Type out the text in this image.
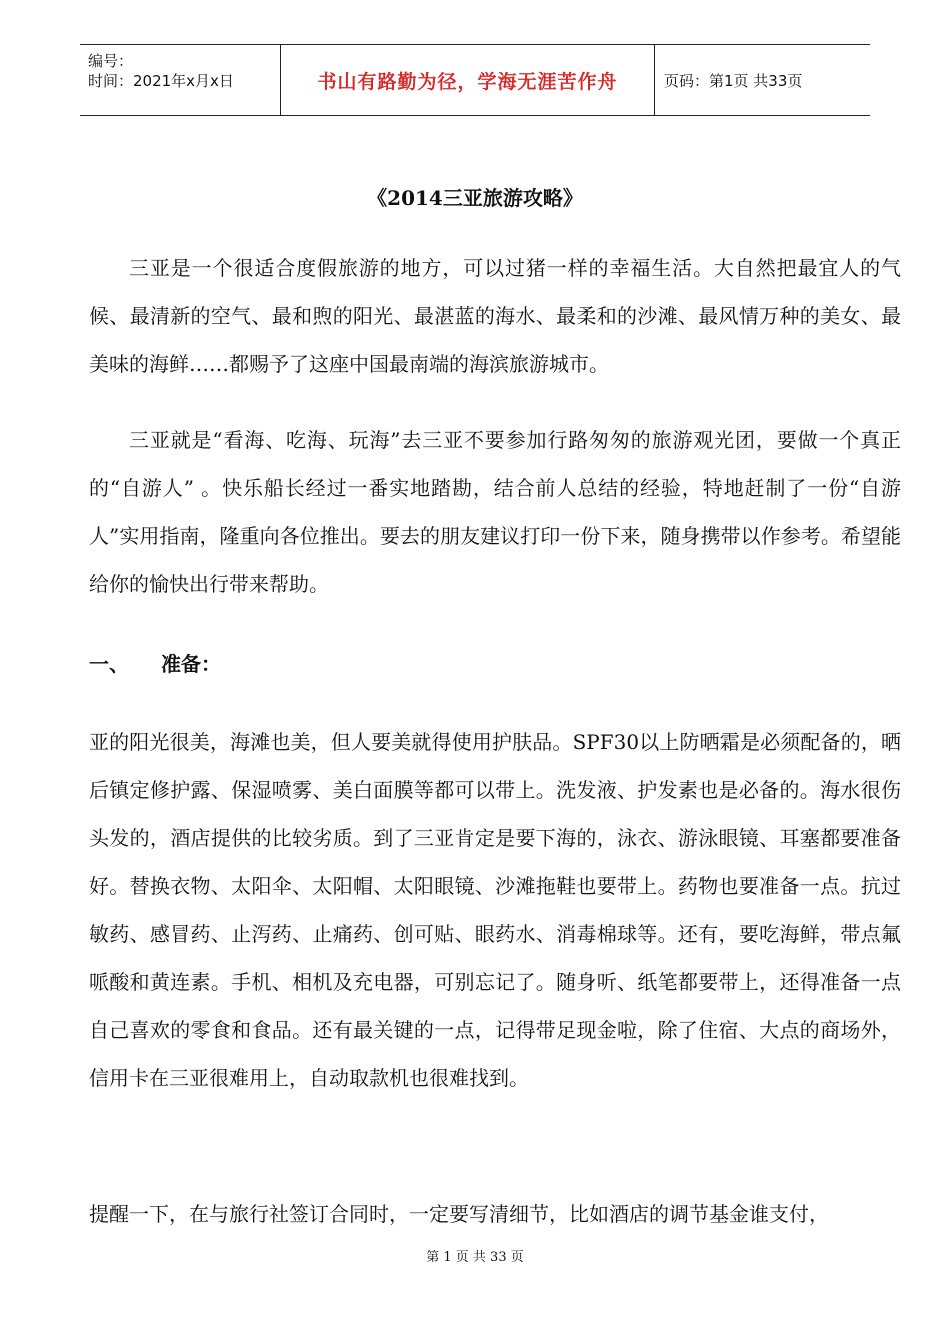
编号：
时间：2021年x月x日	书山有路勤为径，学海无涯苦作舟	页码：第1页 共33页
《2014三亚旅游攻略》

三亚是一个很适合度假旅游的地方，可以过猪一样的幸福生活。大自然把最宜人的气候、最清新的空气、最和煦的阳光、最湛蓝的海水、最柔和的沙滩、最风情万种的美女、最美味的海鲜……都赐予了这座中国最南端的海滨旅游城市。

三亚就是“看海、吃海、玩海”去三亚不要参加行路匆匆的旅游观光团，要做一个真正的“自游人” 。快乐船长经过一番实地踏勘，结合前人总结的经验，特地赶制了一份“自游人”实用指南，隆重向各位推出。要去的朋友建议打印一份下来，随身携带以作参考。希望能给你的愉快出行带来帮助。

一、 准备：

亚的阳光很美，海滩也美，但人要美就得使用护肤品。SPF30以上防晒霜是必须配备的，晒后镇定修护露、保湿喷雾、美白面膜等都可以带上。洗发液、护发素也是必备的。海水很伤头发的，酒店提供的比较劣质。到了三亚肯定是要下海的，泳衣、游泳眼镜、耳塞都要准备好。替换衣物、太阳伞、太阳帽、太阳眼镜、沙滩拖鞋也要带上。药物也要准备一点。抗过敏药、感冒药、止泻药、止痛药、创可贴、眼药水、消毒棉球等。还有，要吃海鲜，带点氟哌酸和黄连素。手机、相机及充电器，可别忘记了。随身听、纸笔都要带上，还得准备一点自己喜欢的零食和食品。还有最关键的一点，记得带足现金啦，除了住宿、大点的商场外，信用卡在三亚很难用上，自动取款机也很难找到。

提醒一下，在与旅行社签订合同时，一定要写清细节，比如酒店的调节基金谁支付，

第 1 页 共 33 页
